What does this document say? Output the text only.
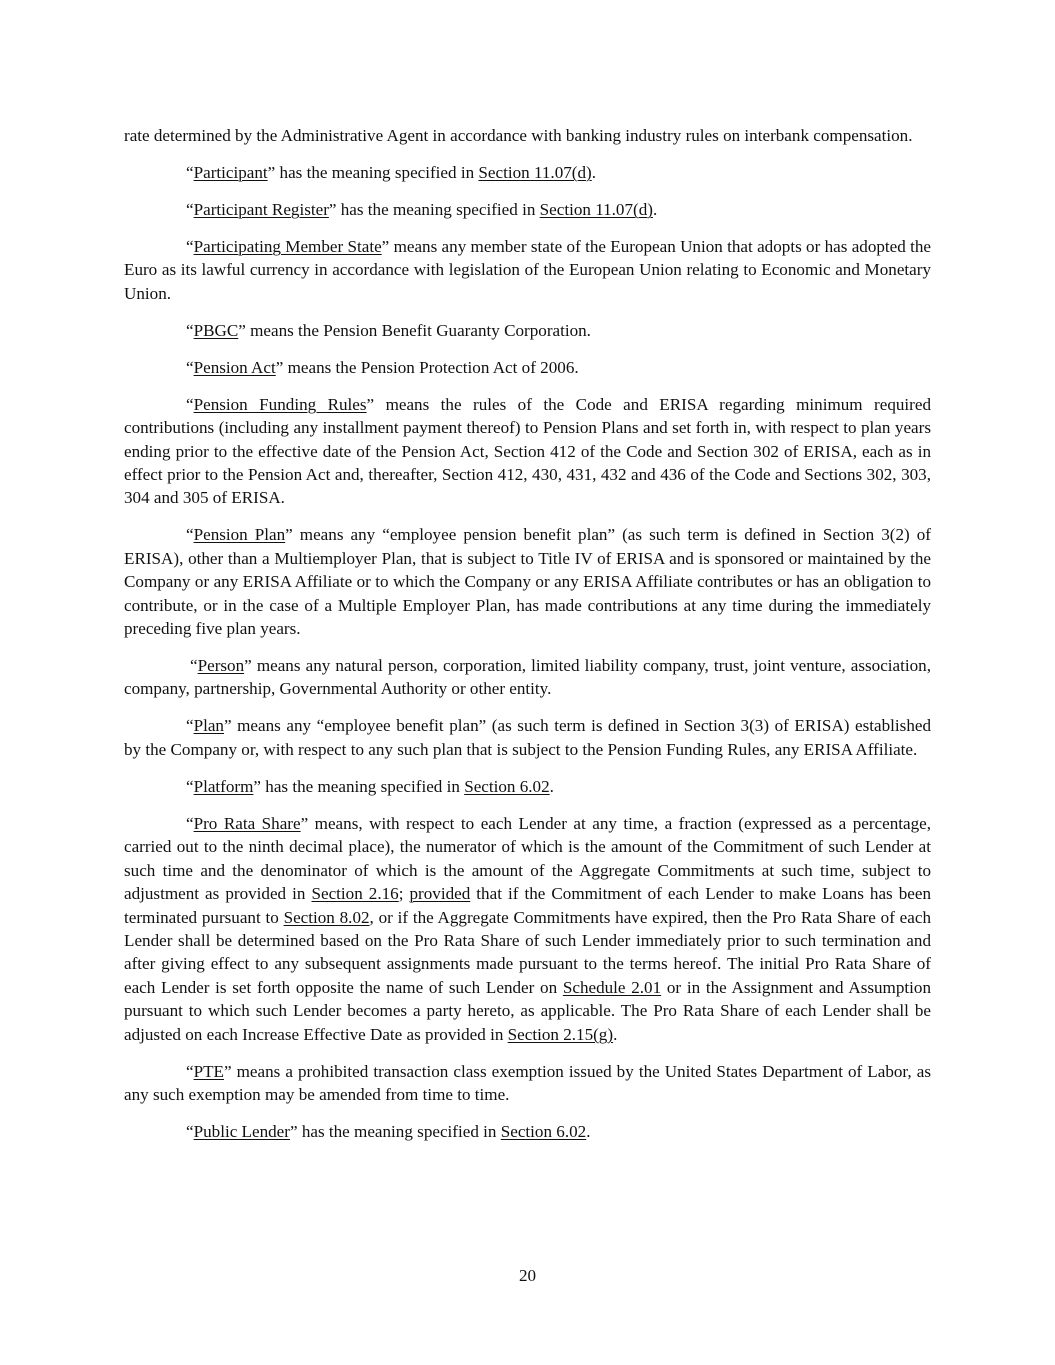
rate determined by the Administrative Agent in accordance with banking industry rules on interbank compensation.

“Participant” has the meaning specified in Section 11.07(d).

“Participant Register” has the meaning specified in Section 11.07(d).

“Participating Member State” means any member state of the European Union that adopts or has adopted the Euro as its lawful currency in accordance with legislation of the European Union relating to Economic and Monetary Union.

“PBGC” means the Pension Benefit Guaranty Corporation.

“Pension Act” means the Pension Protection Act of 2006.

“Pension Funding Rules” means the rules of the Code and ERISA regarding minimum required contributions (including any installment payment thereof) to Pension Plans and set forth in, with respect to plan years ending prior to the effective date of the Pension Act, Section 412 of the Code and Section 302 of ERISA, each as in effect prior to the Pension Act and, thereafter, Section 412, 430, 431, 432 and 436 of the Code and Sections 302, 303, 304 and 305 of ERISA.

“Pension Plan” means any “employee pension benefit plan” (as such term is defined in Section 3(2) of ERISA), other than a Multiemployer Plan, that is subject to Title IV of ERISA and is sponsored or maintained by the Company or any ERISA Affiliate or to which the Company or any ERISA Affiliate contributes or has an obligation to contribute, or in the case of a Multiple Employer Plan, has made contributions at any time during the immediately preceding five plan years.

“Person” means any natural person, corporation, limited liability company, trust, joint venture, association, company, partnership, Governmental Authority or other entity.

“Plan” means any “employee benefit plan” (as such term is defined in Section 3(3) of ERISA) established by the Company or, with respect to any such plan that is subject to the Pension Funding Rules, any ERISA Affiliate.

“Platform” has the meaning specified in Section 6.02.

“Pro Rata Share” means, with respect to each Lender at any time, a fraction (expressed as a percentage, carried out to the ninth decimal place), the numerator of which is the amount of the Commitment of such Lender at such time and the denominator of which is the amount of the Aggregate Commitments at such time, subject to adjustment as provided in Section 2.16; provided that if the Commitment of each Lender to make Loans has been terminated pursuant to Section 8.02, or if the Aggregate Commitments have expired, then the Pro Rata Share of each Lender shall be determined based on the Pro Rata Share of such Lender immediately prior to such termination and after giving effect to any subsequent assignments made pursuant to the terms hereof. The initial Pro Rata Share of each Lender is set forth opposite the name of such Lender on Schedule 2.01 or in the Assignment and Assumption pursuant to which such Lender becomes a party hereto, as applicable. The Pro Rata Share of each Lender shall be adjusted on each Increase Effective Date as provided in Section 2.15(g).

“PTE” means a prohibited transaction class exemption issued by the United States Department of Labor, as any such exemption may be amended from time to time.

“Public Lender” has the meaning specified in Section 6.02.

20
